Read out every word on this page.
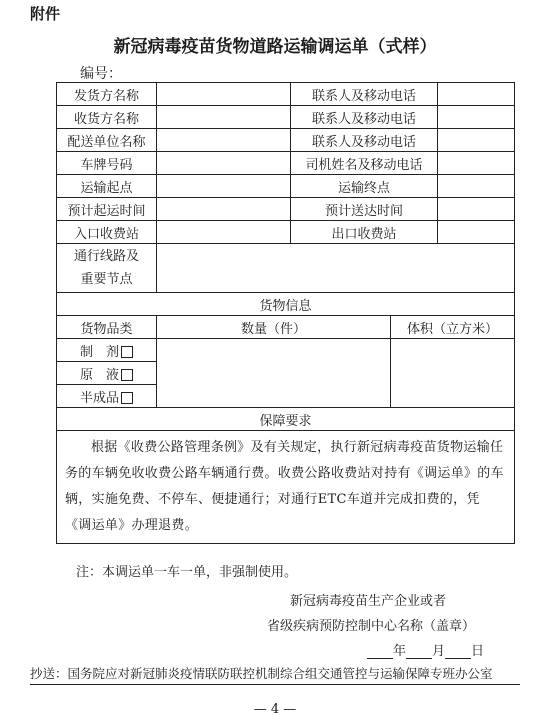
附件
新冠病毒疫苗货物道路运输调运单（式样）
编号：
发货方名称		联系人及移动电话		
收货方名称		联系人及移动电话		
配送单位名称		联系人及移动电话		
车牌号码		司机姓名及移动电话		
运输起点		运输终点		
预计起运时间		预计送达时间		
入口收费站		出口收费站		

通行线路及
重要节点				

货物信息				
货物品类	数量（件）		体积（立方米）	
制　剂				
原　液				
半成品				
保障要求				
根据《收费公路管理条例》及有关规定，执行新冠病毒疫苗货物运输任务的车辆免收收费公路车辆通行费。收费公路收费站对持有《调运单》的车辆，实施免费、不停车、便捷通行；对通行ETC车道并完成扣费的，凭《调运单》办理退费。				
注：本调运单一车一单，非强制使用。
新冠病毒疫苗生产企业或者
省级疾病预防控制中心名称（盖章）
年 月 日
抄送：国务院应对新冠肺炎疫情联防联控机制综合组交通管控与运输保障专班办公室
— 4 —
